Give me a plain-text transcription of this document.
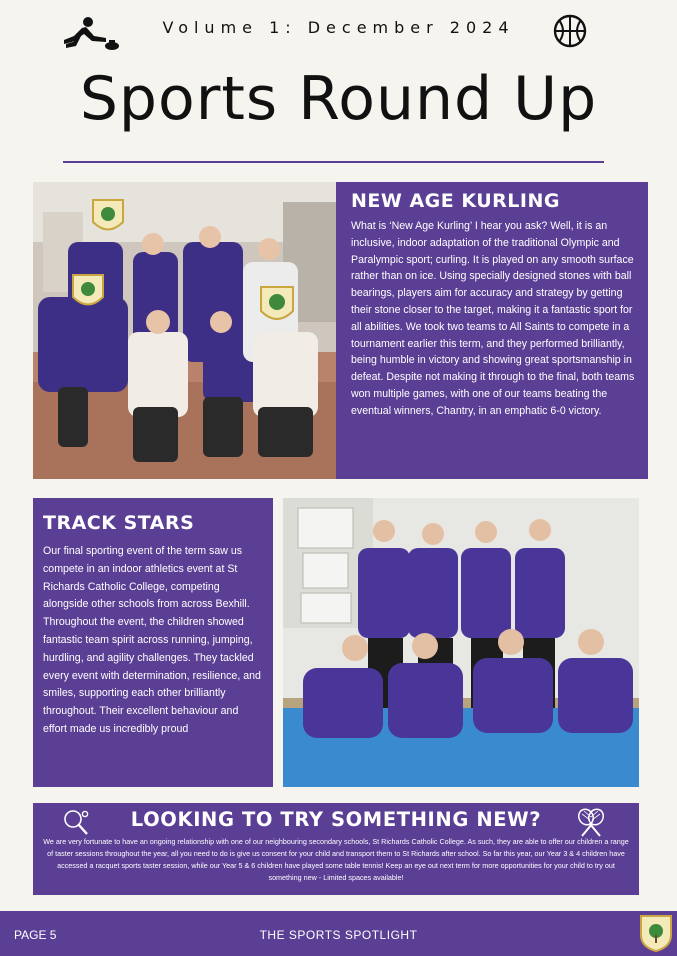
Volume 1: December 2024
Sports Round Up
NEW AGE KURLING

What is ‘New Age Kurling’ I hear you ask? Well, it is an inclusive, indoor adaptation of the traditional Olympic and Paralympic sport; curling. It is played on any smooth surface rather than on ice. Using specially designed stones with ball bearings, players aim for accuracy and strategy by getting their stone closer to the target, making it a fantastic sport for all abilities. We took two teams to All Saints to compete in a tournament earlier this term, and they performed brilliantly, being humble in victory and showing great sportsmanship in defeat. Despite not making it through to the final, both teams won multiple games, with one of our teams beating the eventual winners, Chantry, in an emphatic 6-0 victory.

TRACK STARS

Our final sporting event of the term saw us compete in an indoor athletics event at St Richards Catholic College, competing alongside other schools from across Bexhill. Throughout the event, the children showed fantastic team spirit across running, jumping, hurdling, and agility challenges. They tackled every event with determination, resilience, and smiles, supporting each other brilliantly throughout. Their excellent behaviour and effort made us incredibly proud

LOOKING TO TRY SOMETHING NEW?

We are very fortunate to have an ongoing relationship with one of our neighbouring secondary schools, St Richards Catholic College. As such, they are able to offer our children a range of taster sessions throughout the year, all you need to do is give us consent for your child and transport them to St Richards after school. So far this year, our Year 3 & 4 children have accessed a racquet sports taster session, while our Year 5 & 6 children have played some table tennis! Keep an eye out next term for more opportunities for your child to try out something new - Limited spaces available!

PAGE 5	THE SPORTS SPOTLIGHT
